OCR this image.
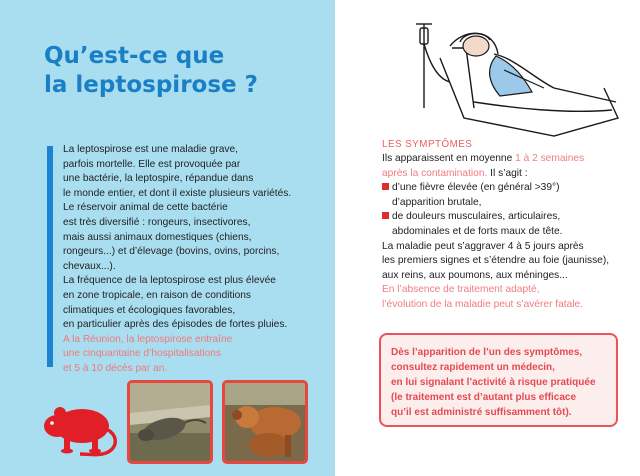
Qu’est-ce que
la leptospirose ?

La leptospirose est une maladie grave,

parfois mortelle. Elle est provoquée par

une bactérie, la leptospire, répandue dans

le monde entier, et dont il existe plusieurs variétés.

Le réservoir animal de cette bactérie

est très diversifié : rongeurs, insectivores,

mais aussi animaux domestiques (chiens,

rongeurs...) et d’élevage (bovins, ovins, porcins,

chevaux...).

La fréquence de la leptospirose est plus élevée

en zone tropicale, en raison de conditions

climatiques et écologiques favorables,

en particulier après des épisodes de fortes pluies.

A la Réunion, la leptospirose entraîne

une cinquantaine d’hospitalisations

et 5 à 10 décès par an.

LES SYMPTÔMES

Ils apparaissent en moyenne 1 à 2 semaines

après la contamination. Il s’agit :

d’une fièvre élevée (en général >39°)

d’apparition brutale,

de douleurs musculaires, articulaires,

abdominales et de forts maux de tête.

La maladie peut s’aggraver 4 à 5 jours après

les premiers signes et s’étendre au foie (jaunisse),

aux reins, aux poumons, aux méninges...

En l’absence de traitement adapté,

l’évolution de la maladie peut s’avérer fatale.

Dès l’apparition de l’un des symptômes,
consultez rapidement un médecin,
en lui signalant l’activité à risque pratiquée
(le traitement est d’autant plus efficace
qu’il est administré suffisamment tôt).
